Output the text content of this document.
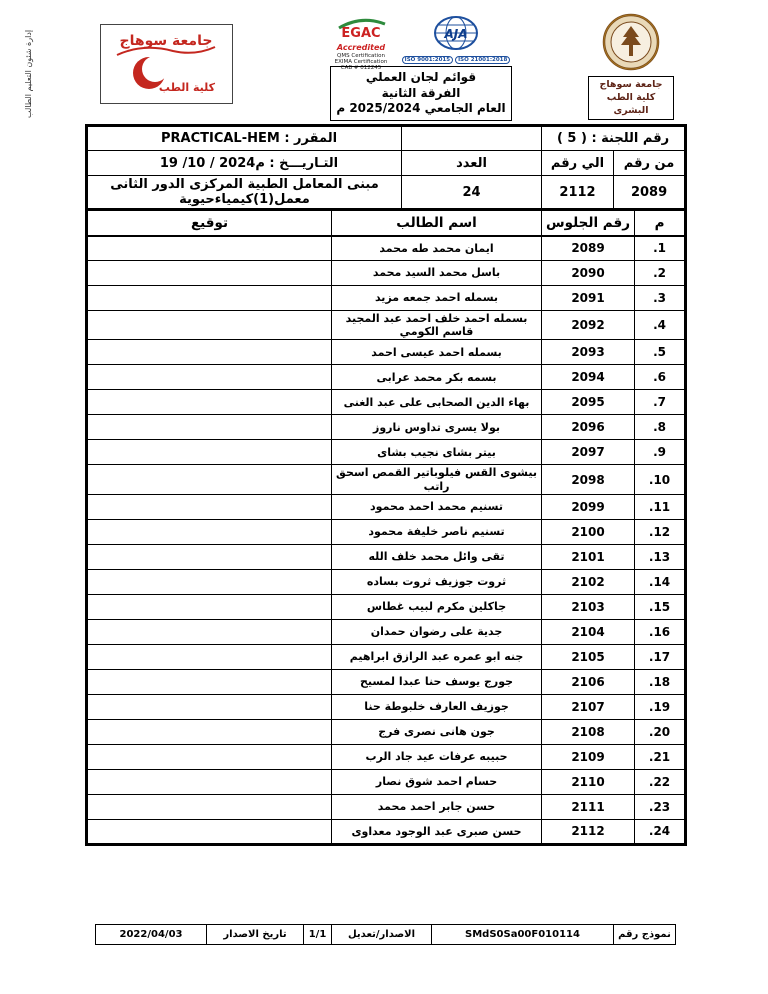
إدارة شئون التعليم الطالب	جامعة سوهاج
كلية الطب
EGAC
Accredited
QMS Certification
EXIMA Certification
CAB # 012245
AJA
ISO 9001:2015	ISO 21001:2018
قوائم لجان العملي
الفرقة الثانية
العام الجامعي 2025/2024 م
جامعة سوهاج
كلية الطب البشرى
رقم اللجنة : ( 5 )				المقرر : PRACTICAL-HEM	
من رقم		الي رقم	العدد	التـاريـــخ : 19 /10 / 2024م	
2089		2112	24	مبنى المعامل الطبية المركزى الدور الثانى معمل(1)كيمياءحيوية	
م	رقم الجلوس		اسم الطالب		توقيع
1.	2089		ايمان محمد طه محمد		
2.	2090		باسل محمد السيد محمد		
3.	2091		بسمله احمد جمعه مزيد		
4.	2092		بسمله احمد خلف احمد عبد المجيد قاسم الكومي		
5.	2093		بسمله احمد عيسى احمد		
6.	2094		بسمه بكر محمد عرابى		
7.	2095		بهاء الدين الصحابى على عبد الغنى		
8.	2096		بولا يسرى تداوس ناروز		
9.	2097		بيتر بشاى نجيب بشاى		
10.	2098		بيشوى القس فيلوباتير القمص اسحق راتب		
11.	2099		تسنيم محمد احمد محمود		
12.	2100		تسنيم ناصر خليفة محمود		
13.	2101		تقى وائل محمد خلف الله		
14.	2102		ثروت جوزيف ثروت بساده		
15.	2103		جاكلين مكرم لبيب غطاس		
16.	2104		جدية على رضوان حمدان		
17.	2105		جنه ابو عمره عبد الرازق ابراهيم		
18.	2106		جورج يوسف حنا عبدا لمسيح		
19.	2107		جوزيف العارف خلبوطة حنا		
20.	2108		جون هانى نصرى فرج		
21.	2109		حبيبه عرفات عيد جاد الرب		
22.	2110		حسام احمد شوق نصار		
23.	2111		حسن جابر احمد محمد		
24.	2112		حسن صبرى عبد الوجود معداوى		
نموذج رقم
SMdS0Sa00F010114
الاصدار/تعديل
1/1
تاريخ الاصدار
2022/04/03
